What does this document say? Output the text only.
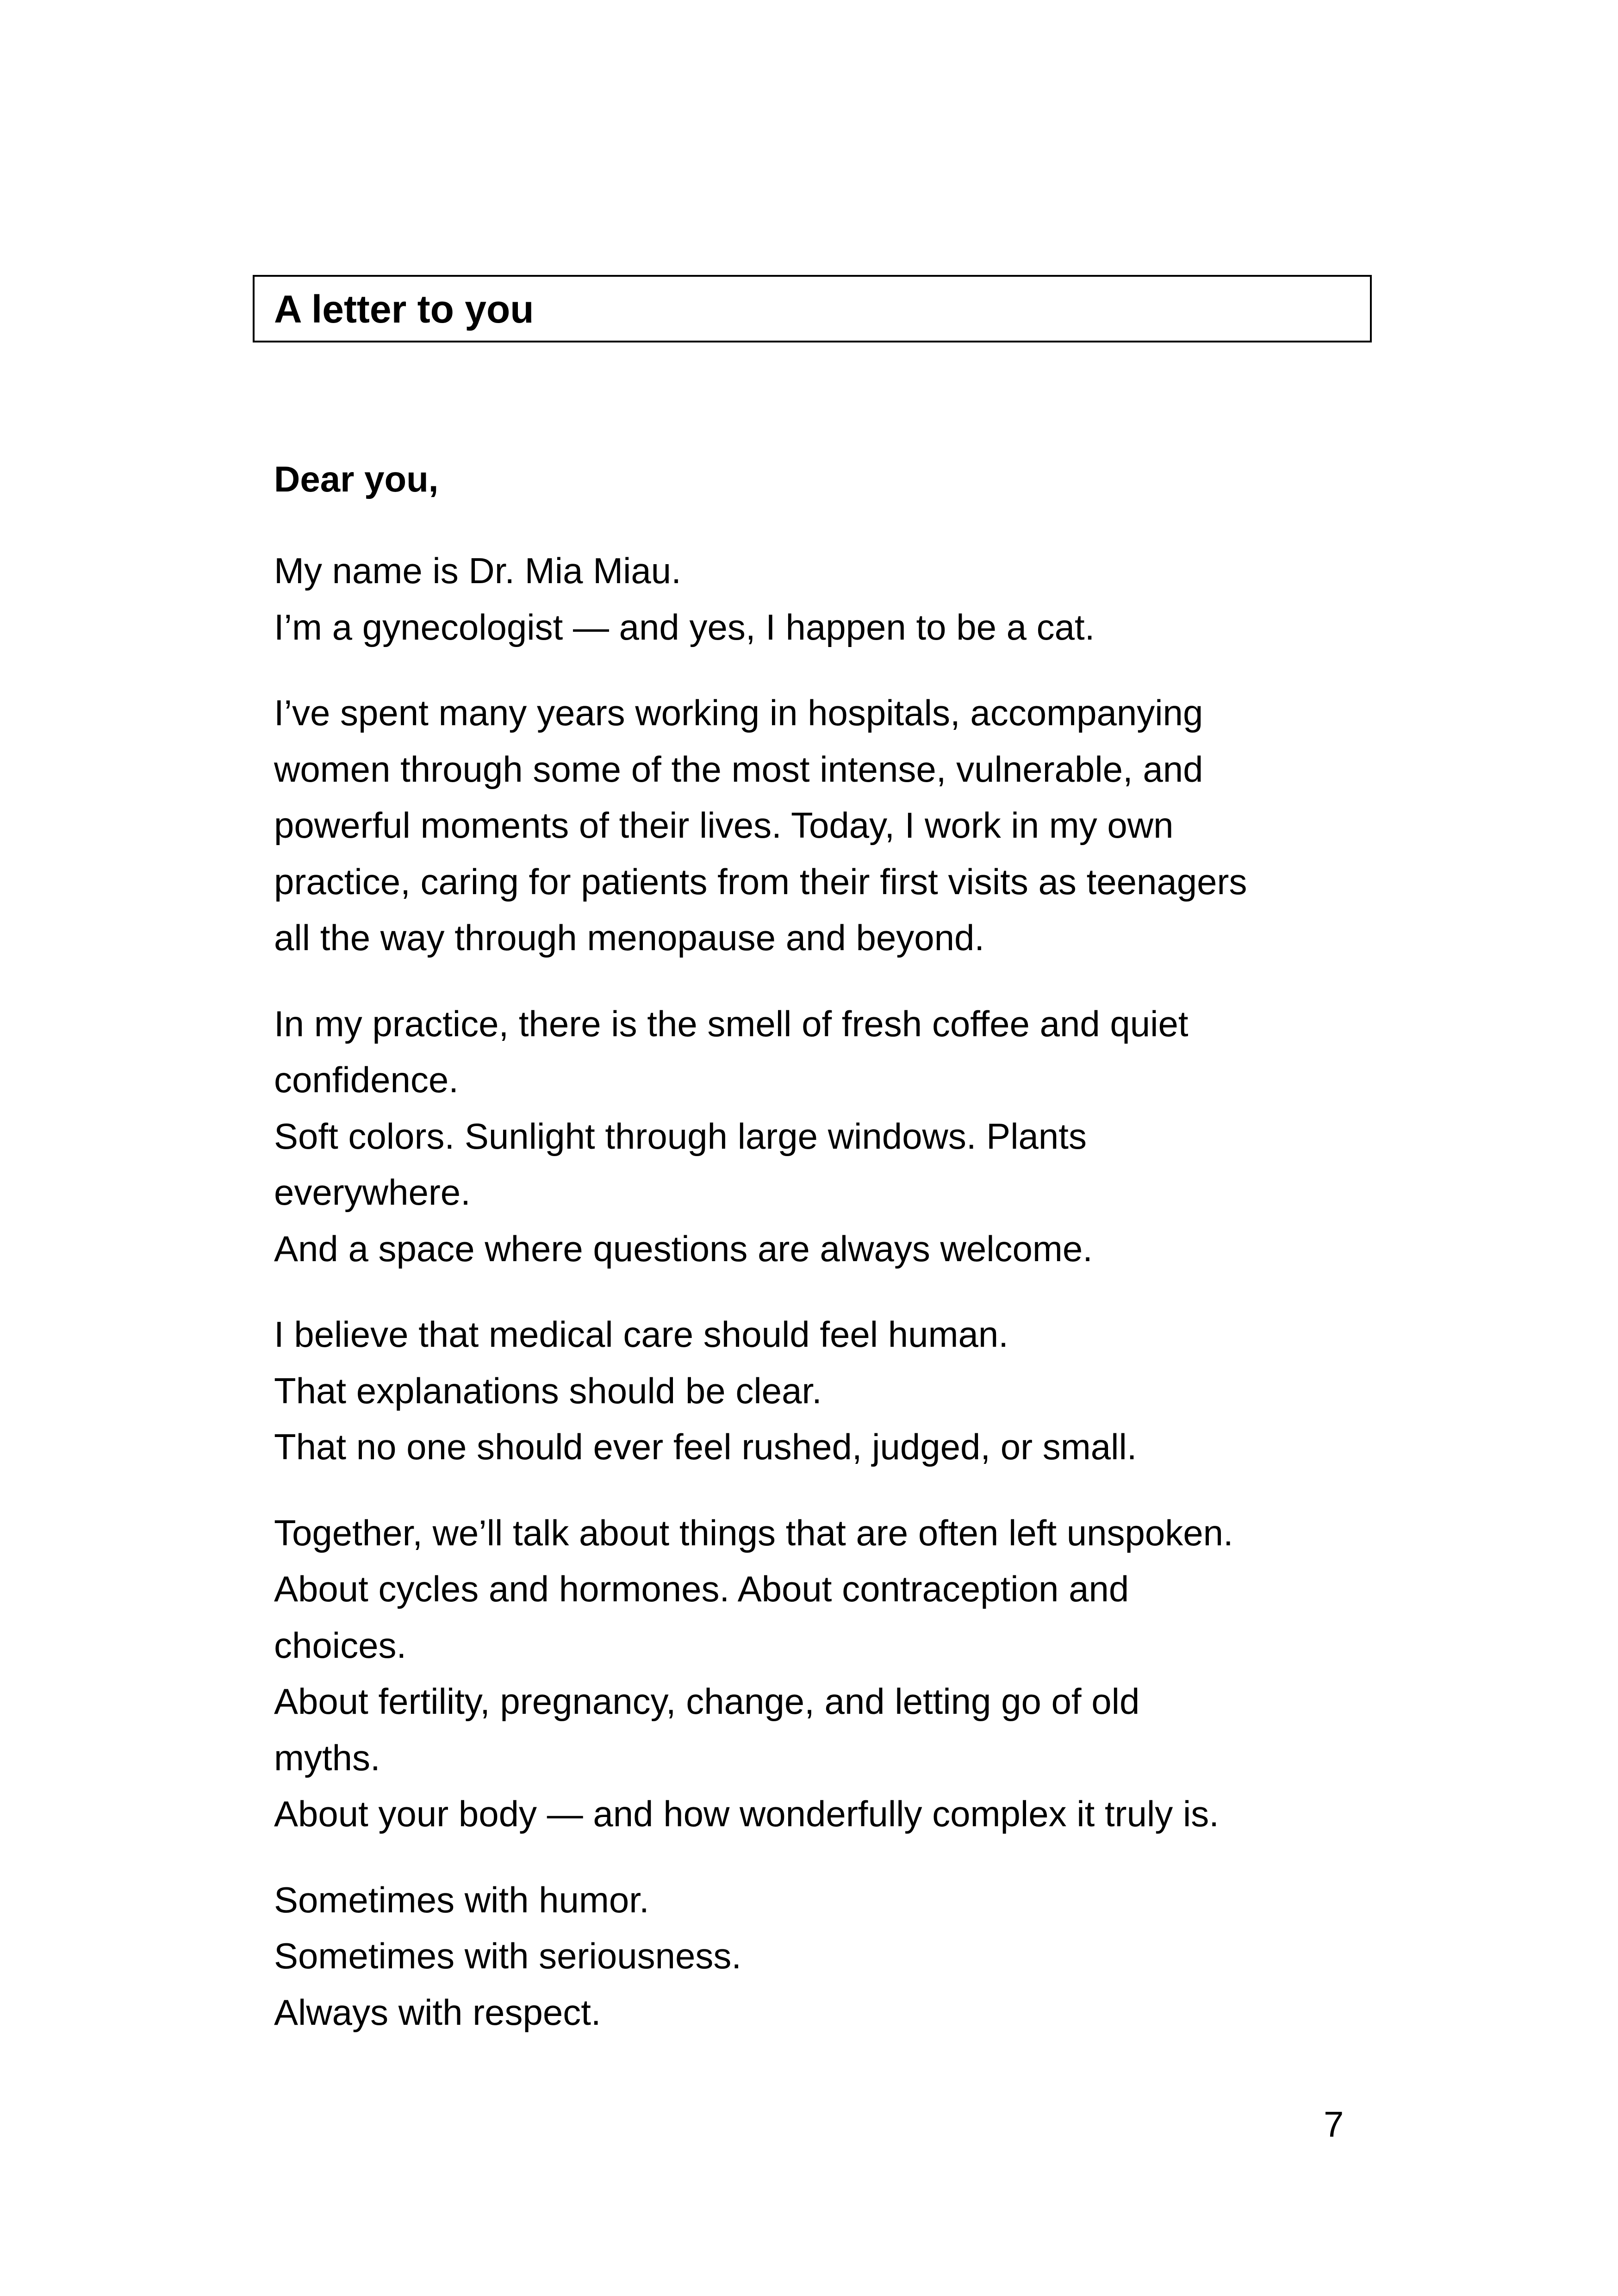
A letter to you
Dear you,
My name is Dr. Mia Miau.
I’m a gynecologist — and yes, I happen to be a cat.
I’ve spent many years working in hospitals, accompanying
women through some of the most intense, vulnerable, and
powerful moments of their lives. Today, I work in my own
practice, caring for patients from their first visits as teenagers
all the way through menopause and beyond.
In my practice, there is the smell of fresh coffee and quiet
confidence.
Soft colors. Sunlight through large windows. Plants
everywhere.
And a space where questions are always welcome.
I believe that medical care should feel human.
That explanations should be clear.
That no one should ever feel rushed, judged, or small.
Together, we’ll talk about things that are often left unspoken.
About cycles and hormones. About contraception and
choices.
About fertility, pregnancy, change, and letting go of old
myths.
About your body — and how wonderfully complex it truly is.
Sometimes with humor.
Sometimes with seriousness.
Always with respect.
7
